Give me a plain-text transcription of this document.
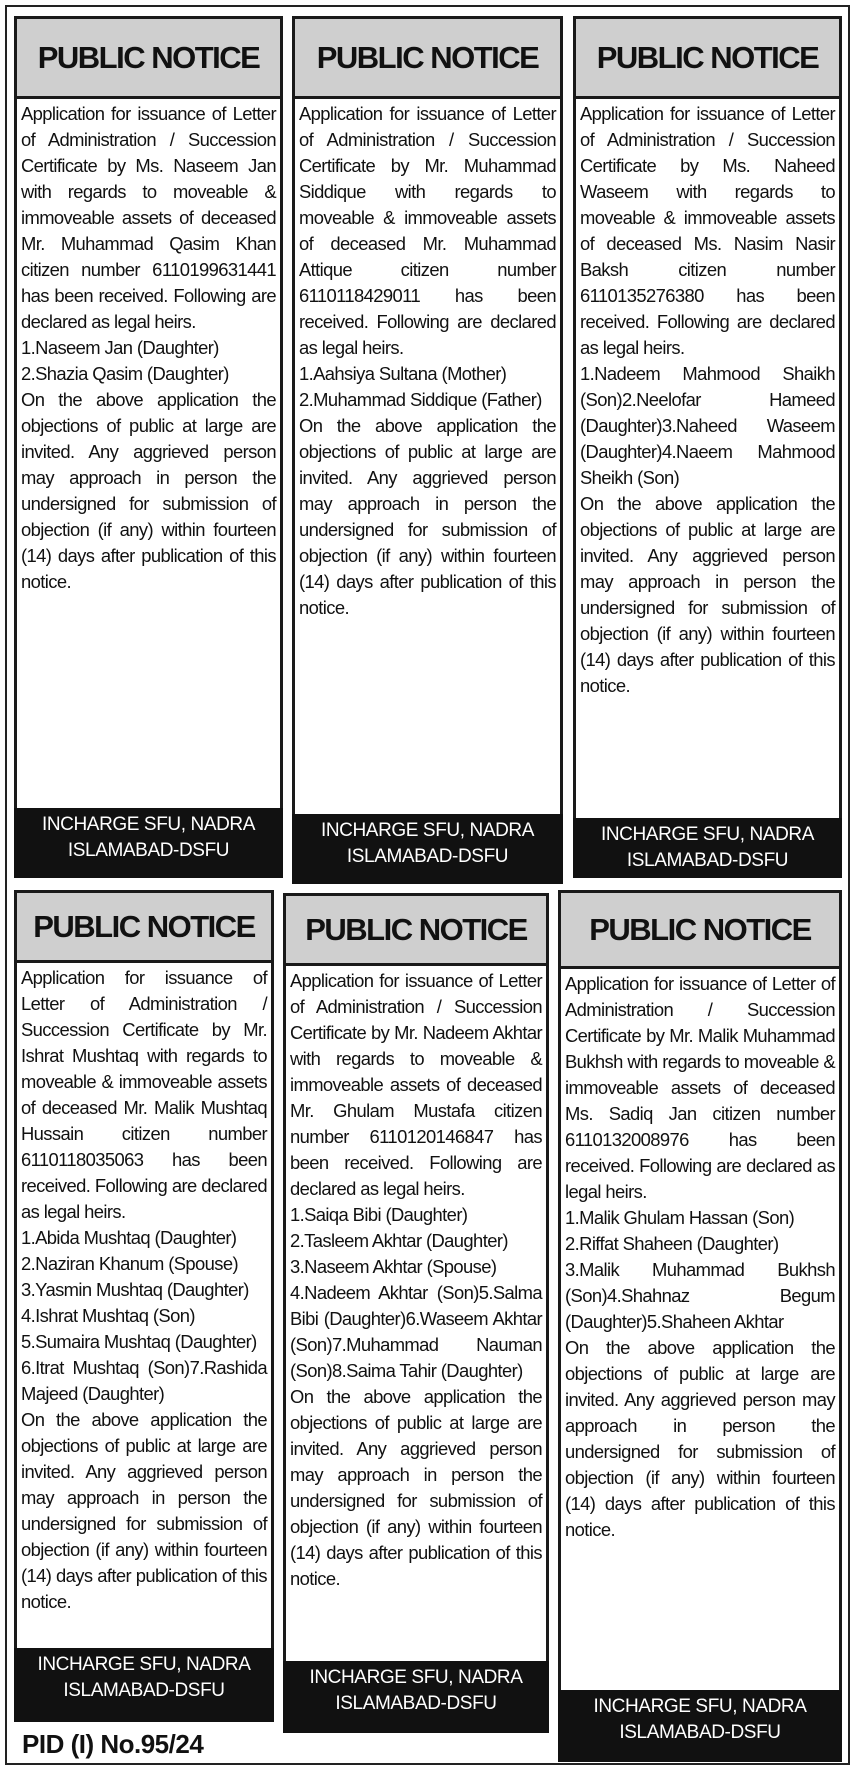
PUBLIC NOTICE

Application for issuance of Letter of Administration / Succession Certificate by Ms. Naseem Jan with regards to moveable & immoveable assets of deceased Mr. Muhammad Qasim Khan citizen number 6110199631441 has been received. Following are declared as legal heirs.

1.Naseem Jan (Daughter)

2.Shazia Qasim (Daughter)

On the above application the objections of public at large are invited. Any aggrieved person may approach in person the undersigned for submission of objection (if any) within fourteen (14) days after publication of this notice.

INCHARGE SFU, NADRA
ISLAMABAD-DSFU
PUBLIC NOTICE

Application for issuance of Letter of Administration / Succession Certificate by Mr. Muhammad Siddique with regards to moveable & immoveable assets of deceased Mr. Muhammad Attique citizen number 6110118429011 has been received. Following are declared as legal heirs.

1.Aahsiya Sultana (Mother)

2.Muhammad Siddique (Father)

On the above application the objections of public at large are invited. Any aggrieved person may approach in person the undersigned for submission of objection (if any) within fourteen (14) days after publication of this notice.

INCHARGE SFU, NADRA
ISLAMABAD-DSFU
PUBLIC NOTICE

Application for issuance of Letter of Administration / Succession Certificate by Ms. Naheed Waseem with regards to moveable & immoveable assets of deceased Ms. Nasim Nasir Baksh citizen number 6110135276380 has been received. Following are declared as legal heirs.

1.Nadeem Mahmood Shaikh (Son)2.Neelofar Hameed (Daughter)3.Naheed Waseem (Daughter)4.Naeem Mahmood Sheikh (Son)

On the above application the objections of public at large are invited. Any aggrieved person may approach in person the undersigned for submission of objection (if any) within fourteen (14) days after publication of this notice.

INCHARGE SFU, NADRA
ISLAMABAD-DSFU
PUBLIC NOTICE

Application for issuance of Letter of Administration / Succession Certificate by Mr. Ishrat Mushtaq with regards to moveable & immoveable assets of deceased Mr. Malik Mushtaq Hussain citizen number 6110118035063 has been received. Following are declared as legal heirs.

1.Abida Mushtaq (Daughter)

2.Naziran Khanum (Spouse)

3.Yasmin Mushtaq (Daughter)

4.Ishrat Mushtaq (Son)

5.Sumaira Mushtaq (Daughter)

6.Itrat Mushtaq (Son)7.Rashida Majeed (Daughter)

On the above application the objections of public at large are invited. Any aggrieved person may approach in person the undersigned for submission of objection (if any) within fourteen (14) days after publication of this notice.

INCHARGE SFU, NADRA
ISLAMABAD-DSFU
PUBLIC NOTICE

Application for issuance of Letter of Administration / Succession Certificate by Mr. Nadeem Akhtar with regards to moveable & immoveable assets of deceased Mr. Ghulam Mustafa citizen number 6110120146847 has been received. Following are declared as legal heirs.

1.Saiqa Bibi (Daughter)

2.Tasleem Akhtar (Daughter)

3.Naseem Akhtar (Spouse)

4.Nadeem Akhtar (Son)5.Salma Bibi (Daughter)6.Waseem Akhtar (Son)7.Muhammad Nauman (Son)8.Saima Tahir (Daughter)

On the above application the objections of public at large are invited. Any aggrieved person may approach in person the undersigned for submission of objection (if any) within fourteen (14) days after publication of this notice.

INCHARGE SFU, NADRA
ISLAMABAD-DSFU
PUBLIC NOTICE

Application for issuance of Letter of Administration / Succession Certificate by Mr. Malik Muhammad Bukhsh with regards to moveable & immoveable assets of deceased Ms. Sadiq Jan citizen number 6110132008976 has been received. Following are declared as legal heirs.

1.Malik Ghulam Hassan (Son)

2.Riffat Shaheen (Daughter)

3.Malik Muhammad Bukhsh (Son)4.Shahnaz Begum (Daughter)5.Shaheen Akhtar

On the above application the objections of public at large are invited. Any aggrieved person may approach in person the undersigned for submission of objection (if any) within fourteen (14) days after publication of this notice.

INCHARGE SFU, NADRA
ISLAMABAD-DSFU
PID (I) No.95/24
